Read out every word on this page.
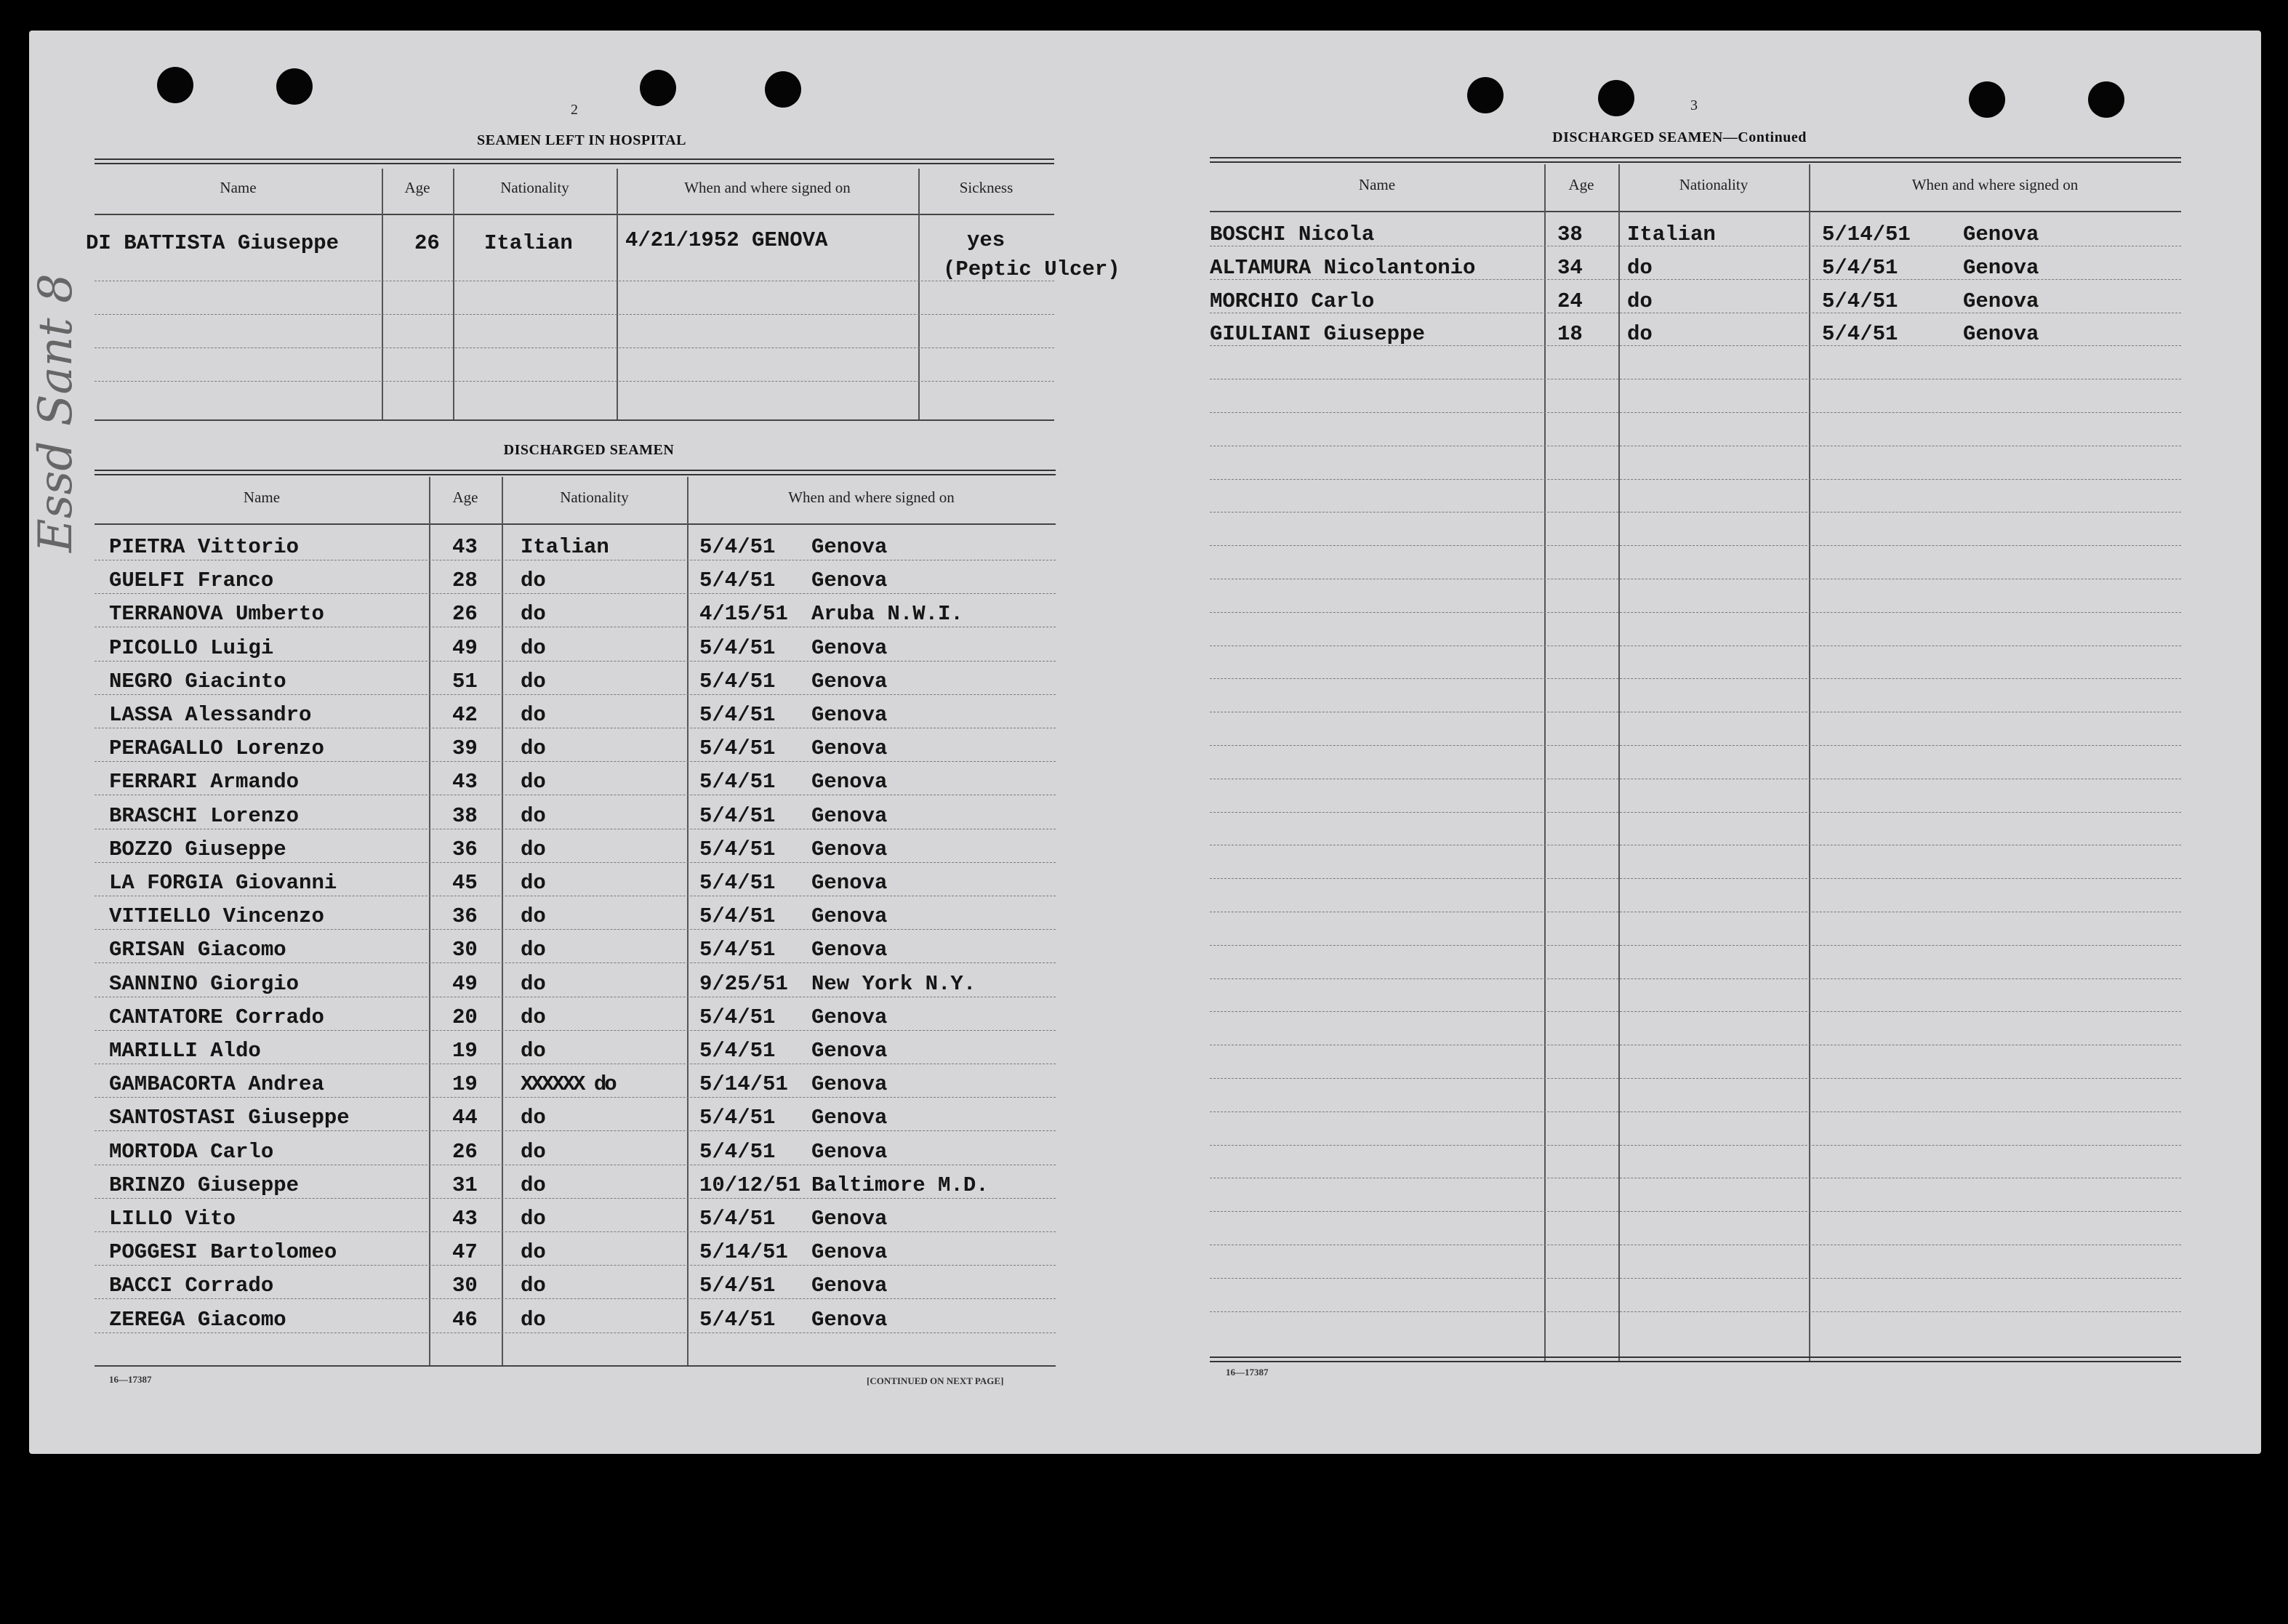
Essd Sant 8
2
SEAMEN LEFT IN HOSPITAL
Name	Age	Nationality	When and where signed on	Sickness
DI BATTISTA Giuseppe	26 Italian 4/21/1952 GENOVA	yes
(Peptic Ulcer)
DISCHARGED SEAMEN
Name	Age	Nationality	When and where signed on
PIETRA Vittorio	43 Italian	5/4/51 Genova
GUELFI Franco	28 do	5/4/51 Genova
TERRANOVA Umberto	26 do	4/15/51 Aruba N.W.I.
PICOLLO Luigi	49 do	5/4/51 Genova
NEGRO Giacinto	51 do	5/4/51 Genova
LASSA Alessandro	42 do	5/4/51 Genova
PERAGALLO Lorenzo	39 do	5/4/51 Genova
FERRARI Armando	43 do	5/4/51 Genova
BRASCHI Lorenzo	38 do	5/4/51 Genova
BOZZO Giuseppe	36 do	5/4/51 Genova
LA FORGIA Giovanni	45 do	5/4/51 Genova
VITIELLO Vincenzo	36 do	5/4/51 Genova
GRISAN Giacomo	30 do	5/4/51 Genova
SANNINO Giorgio	49 do	9/25/51 New York N.Y.
CANTATORE Corrado	20 do	5/4/51 Genova
MARILLI Aldo	19 do	5/4/51 Genova
GAMBACORTA Andrea	19 XXXXXX do	5/14/51 Genova
SANTOSTASI Giuseppe	44 do	5/4/51 Genova
MORTODA Carlo	26 do	5/4/51 Genova
BRINZO Giuseppe	31 do	10/12/51 Baltimore M.D.
LILLO Vito	43 do	5/4/51 Genova
POGGESI Bartolomeo	47 do	5/14/51 Genova
BACCI Corrado	30 do	5/4/51 Genova
ZEREGA Giacomo	46 do	5/4/51 Genova
16—17387	[CONTINUED ON NEXT PAGE]
3
DISCHARGED SEAMEN—Continued
Name	Age	Nationality	When and where signed on
BOSCHI Nicola	38 Italian	5/14/51 Genova
ALTAMURA Nicolantonio	34 do	5/4/51	Genova
MORCHIO Carlo	24 do	5/4/51	Genova
GIULIANI Giuseppe	18 do	5/4/51	Genova
16—17387
